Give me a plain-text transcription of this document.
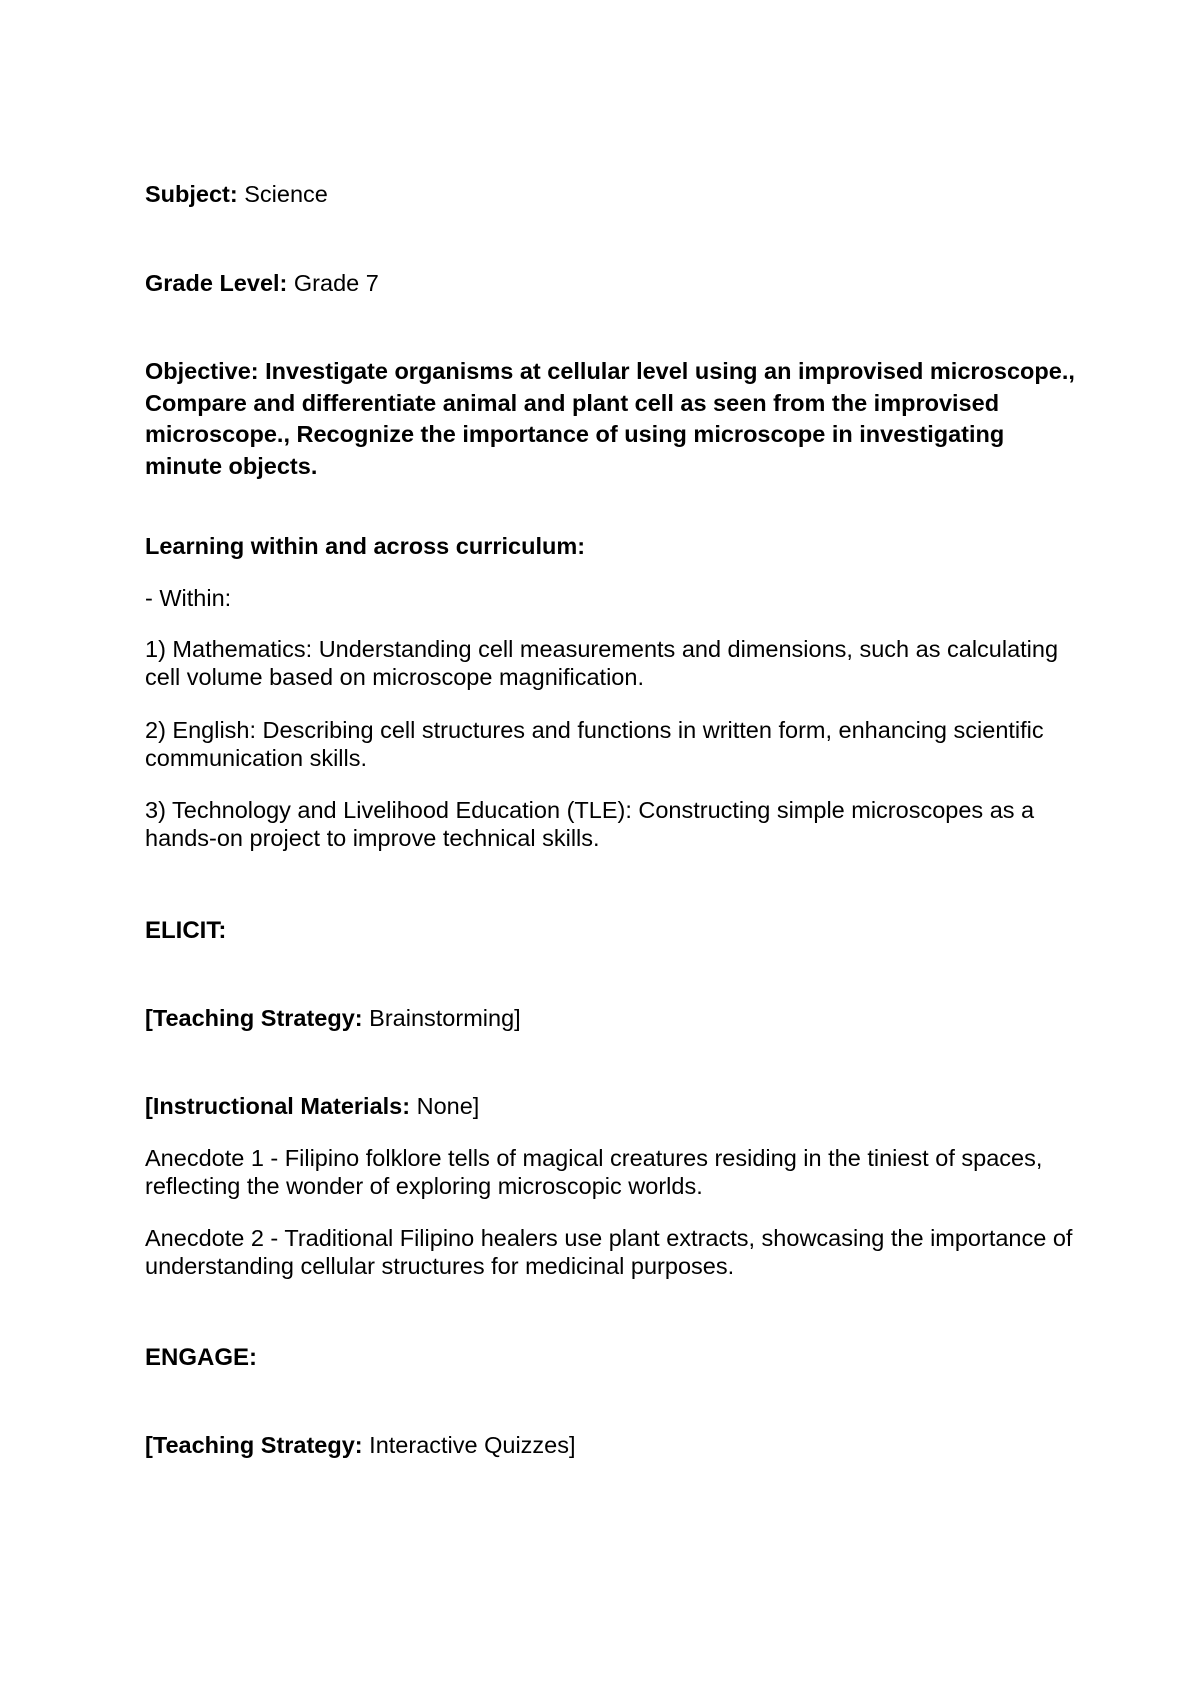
Subject: Science
Grade Level: Grade 7
Objective: Investigate organisms at cellular level using an improvised microscope., Compare and differentiate animal and plant cell as seen from the improvised microscope., Recognize the importance of using microscope in investigating minute objects.
Learning within and across curriculum:
- Within:
1) Mathematics: Understanding cell measurements and dimensions, such as calculating cell volume based on microscope magnification.
2) English: Describing cell structures and functions in written form, enhancing scientific communication skills.
3) Technology and Livelihood Education (TLE): Constructing simple microscopes as a hands-on project to improve technical skills.
ELICIT:
[Teaching Strategy: Brainstorming]
[Instructional Materials: None]
Anecdote 1 - Filipino folklore tells of magical creatures residing in the tiniest of spaces, reflecting the wonder of exploring microscopic worlds.
Anecdote 2 - Traditional Filipino healers use plant extracts, showcasing the importance of understanding cellular structures for medicinal purposes.
ENGAGE:
[Teaching Strategy: Interactive Quizzes]
